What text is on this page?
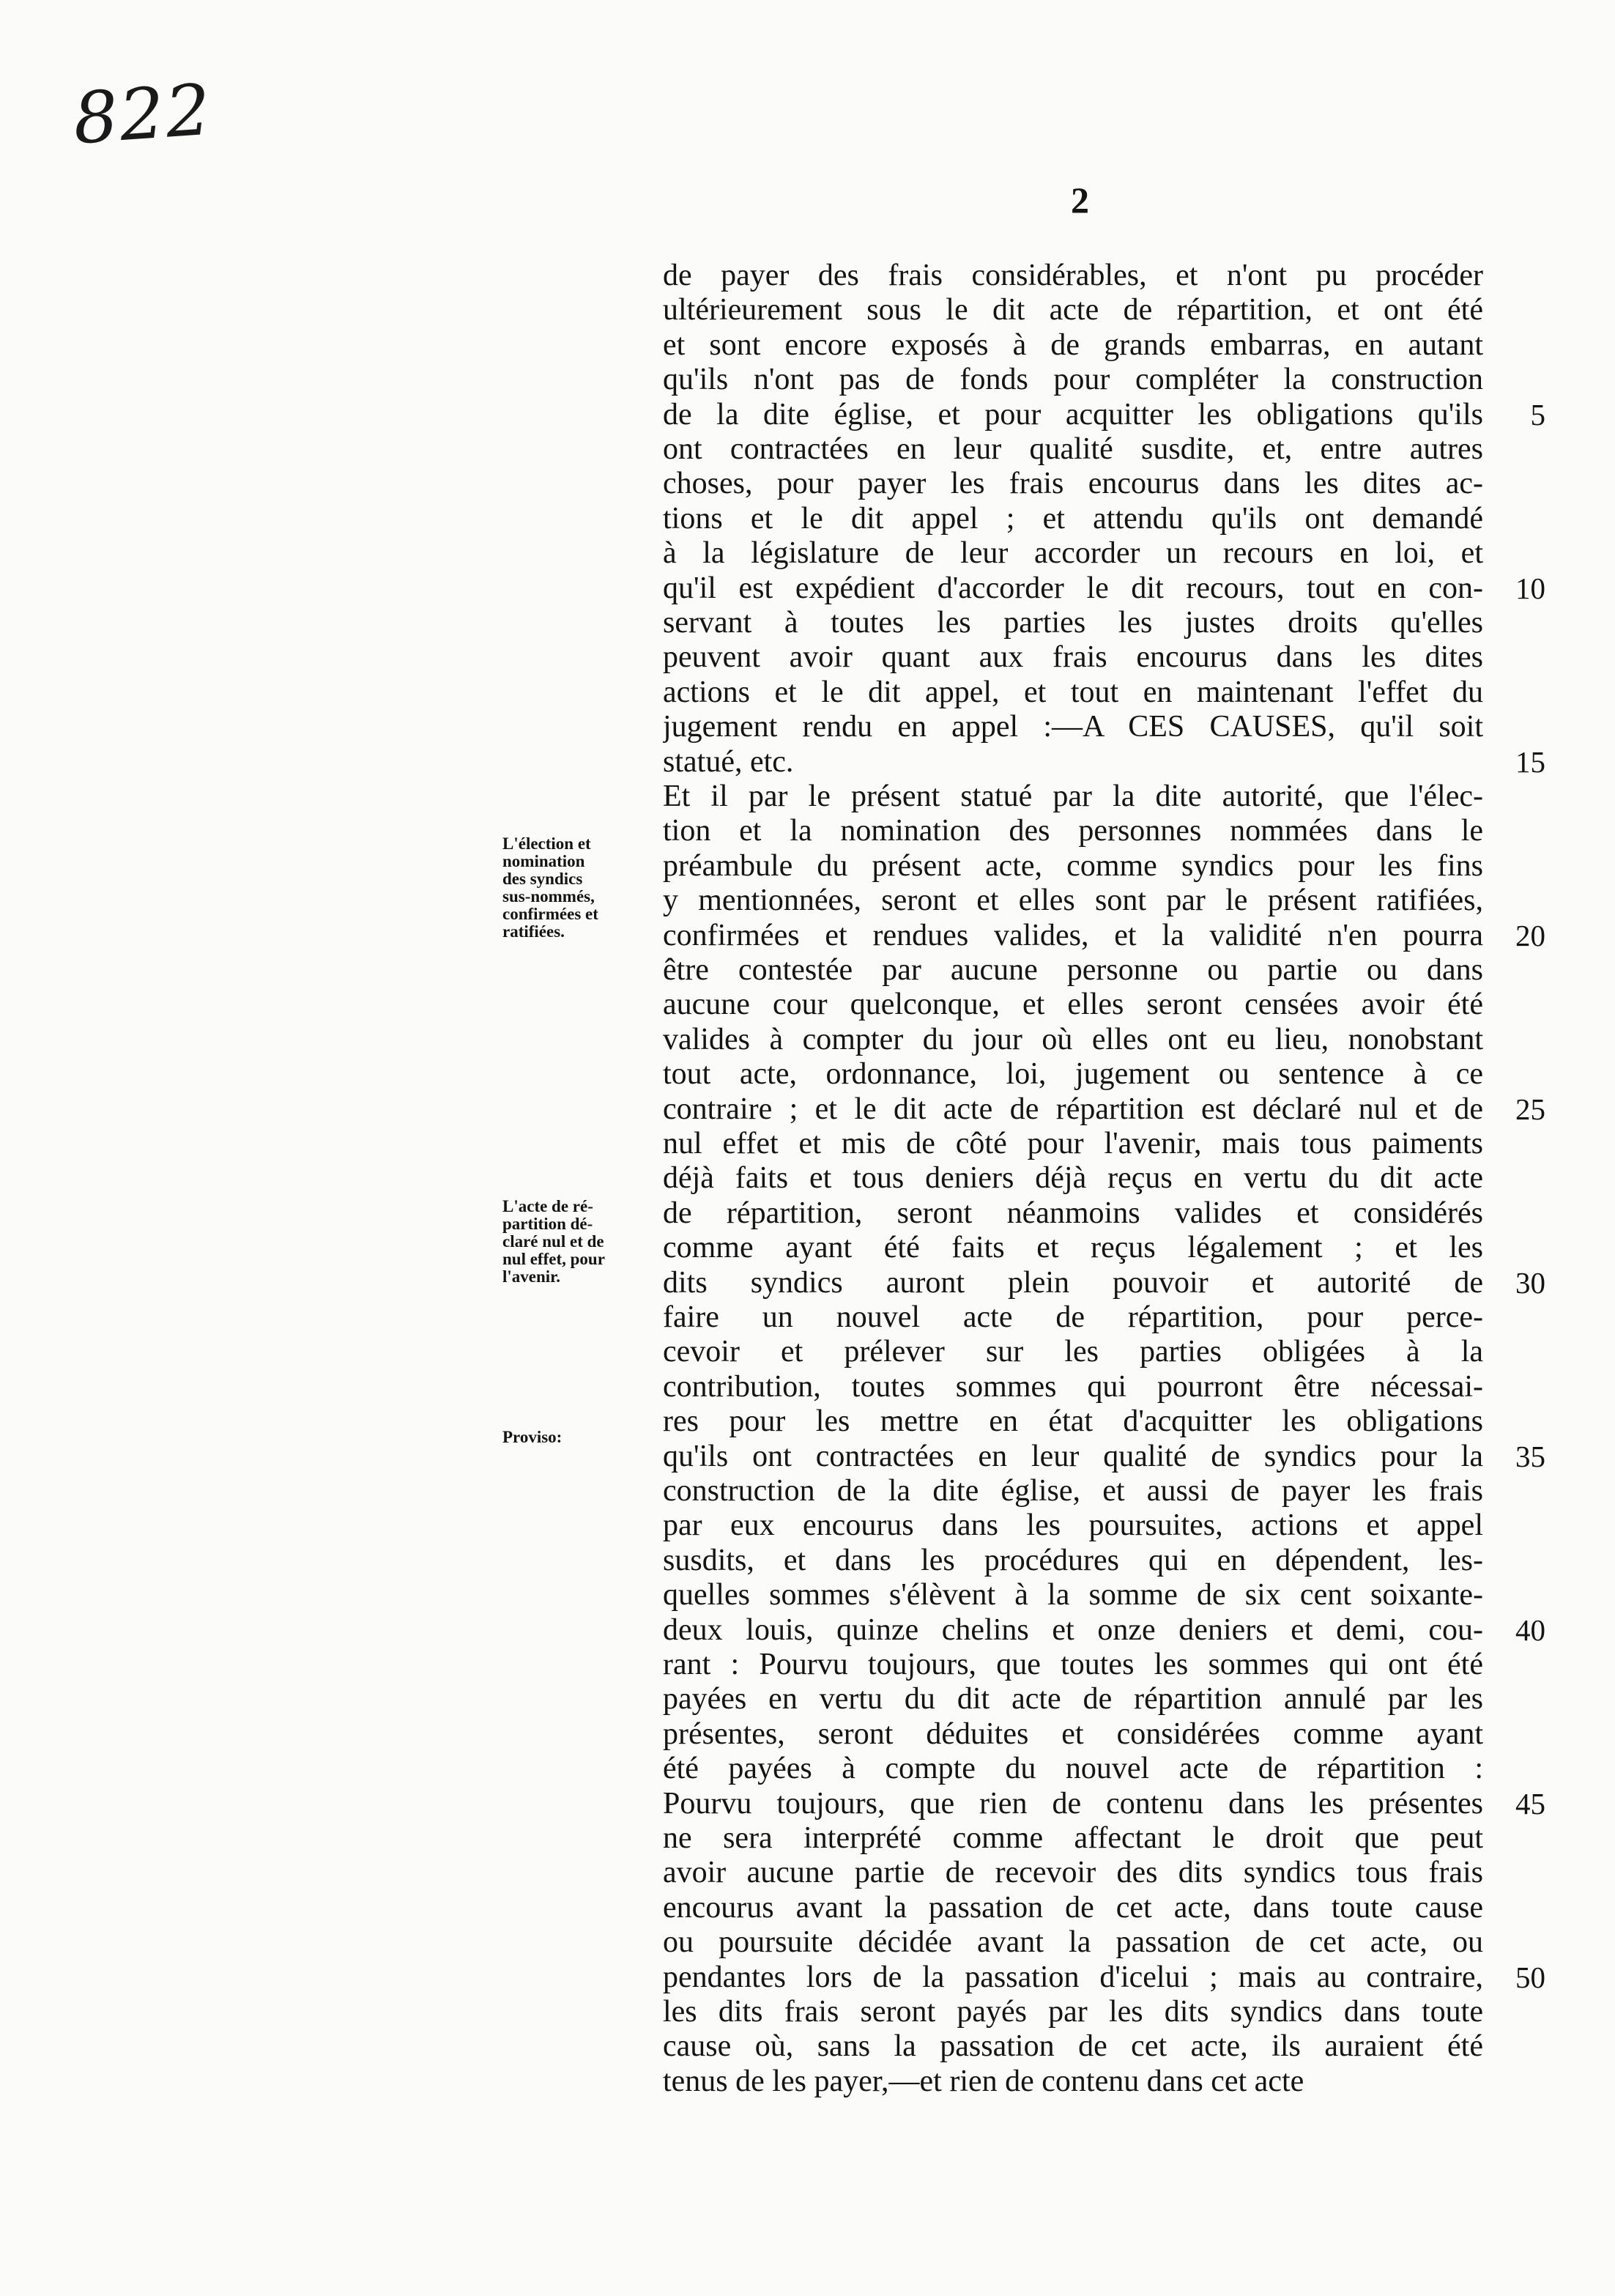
822
2
de payer des frais considérables, et n'ont pu procéder
ultérieurement sous le dit acte de répartition, et ont été
et sont encore exposés à de grands embarras, en autant
qu'ils n'ont pas de fonds pour compléter la construction
de la dite église, et pour acquitter les obligations qu'ils
ont contractées en leur qualité susdite, et, entre autres
choses, pour payer les frais encourus dans les dites ac-
tions et le dit appel ; et attendu qu'ils ont demandé
à la législature de leur accorder un recours en loi, et
qu'il est expédient d'accorder le dit recours, tout en con-
servant à toutes les parties les justes droits qu'elles
peuvent avoir quant aux frais encourus dans les dites
actions et le dit appel, et tout en maintenant l'effet du
jugement rendu en appel :—A CES CAUSES, qu'il soit
statué, etc.
Et il par le présent statué par la dite autorité, que l'élec-
tion et la nomination des personnes nommées dans le
préambule du présent acte, comme syndics pour les fins
y mentionnées, seront et elles sont par le présent ratifiées,
confirmées et rendues valides, et la validité n'en pourra
être contestée par aucune personne ou partie ou dans
aucune cour quelconque, et elles seront censées avoir été
valides à compter du jour où elles ont eu lieu, nonobstant
tout acte, ordonnance, loi, jugement ou sentence à ce
contraire ; et le dit acte de répartition est déclaré nul et de
nul effet et mis de côté pour l'avenir, mais tous paiments
déjà faits et tous deniers déjà reçus en vertu du dit acte
de répartition, seront néanmoins valides et considérés
comme ayant été faits et reçus légalement ; et les
dits syndics auront plein pouvoir et autorité de
faire un nouvel acte de répartition, pour perce-
cevoir et prélever sur les parties obligées à la
contribution, toutes sommes qui pourront être nécessai-
res pour les mettre en état d'acquitter les obligations
qu'ils ont contractées en leur qualité de syndics pour la
construction de la dite église, et aussi de payer les frais
par eux encourus dans les poursuites, actions et appel
susdits, et dans les procédures qui en dépendent, les-
quelles sommes s'élèvent à la somme de six cent soixante-
deux louis, quinze chelins et onze deniers et demi, cou-
rant : Pourvu toujours, que toutes les sommes qui ont été
payées en vertu du dit acte de répartition annulé par les
présentes, seront déduites et considérées comme ayant
été payées à compte du nouvel acte de répartition :
Pourvu toujours, que rien de contenu dans les présentes
ne sera interprété comme affectant le droit que peut
avoir aucune partie de recevoir des dits syndics tous frais
encourus avant la passation de cet acte, dans toute cause
ou poursuite décidée avant la passation de cet acte, ou
pendantes lors de la passation d'icelui ; mais au contraire,
les dits frais seront payés par les dits syndics dans toute
cause où, sans la passation de cet acte, ils auraient été
tenus de les payer,—et rien de contenu dans cet acte
5
10
15
20
25
30
35
40
45
50
L'élection et
nomination
des syndics
sus-nommés,
confirmées et
ratifiées.
L'acte de ré-
partition dé-
claré nul et de
nul effet, pour
l'avenir.
Proviso:
